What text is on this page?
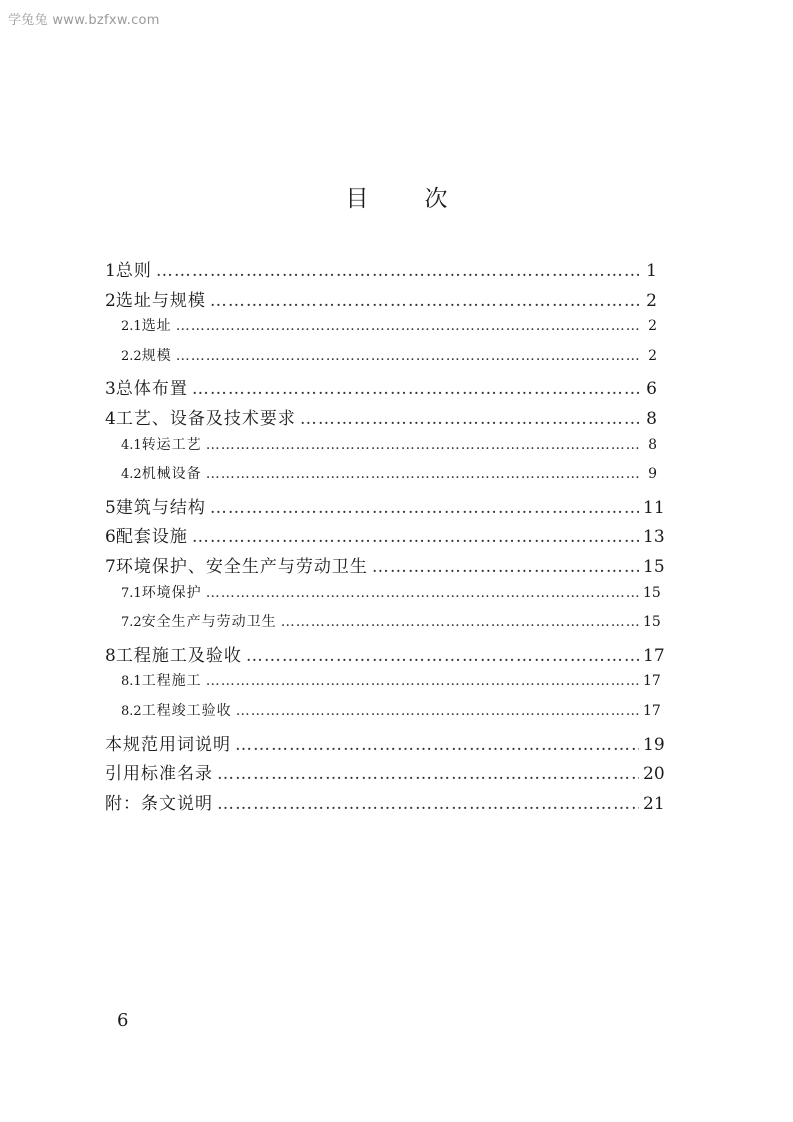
学兔兔 www.bzfxw.com
目 次
1 总则 ……………………………………………………………………………………………………………………………………………………………………………………………………	1
2 选址与规模 ……………………………………………………………………………………………………………………………………………………………………………………………………	2
2.1 选址 ……………………………………………………………………………………………………………………………………………………………………………………………………	2
2.2 规模 ……………………………………………………………………………………………………………………………………………………………………………………………………	2
3 总体布置 ……………………………………………………………………………………………………………………………………………………………………………………………………	6
4 工艺、设备及技术要求 ……………………………………………………………………………………………………………………………………………………………………………………………………	8
4.1 转运工艺 ……………………………………………………………………………………………………………………………………………………………………………………………………	8
4.2 机械设备 ……………………………………………………………………………………………………………………………………………………………………………………………………	9
5 建筑与结构 ……………………………………………………………………………………………………………………………………………………………………………………………………	11
6 配套设施 ……………………………………………………………………………………………………………………………………………………………………………………………………	13
7 环境保护、安全生产与劳动卫生 ……………………………………………………………………………………………………………………………………………………………………………………………………	15
7.1 环境保护 ……………………………………………………………………………………………………………………………………………………………………………………………………	15
7.2 安全生产与劳动卫生 ……………………………………………………………………………………………………………………………………………………………………………………………………	15
8 工程施工及验收 ……………………………………………………………………………………………………………………………………………………………………………………………………	17
8.1 工程施工 ……………………………………………………………………………………………………………………………………………………………………………………………………	17
8.2 工程竣工验收 ……………………………………………………………………………………………………………………………………………………………………………………………………	17
本规范用词说明 ……………………………………………………………………………………………………………………………………………………………………………………………………	19
引用标准名录 ……………………………………………………………………………………………………………………………………………………………………………………………………	20
附：条文说明 ……………………………………………………………………………………………………………………………………………………………………………………………………	21
6
